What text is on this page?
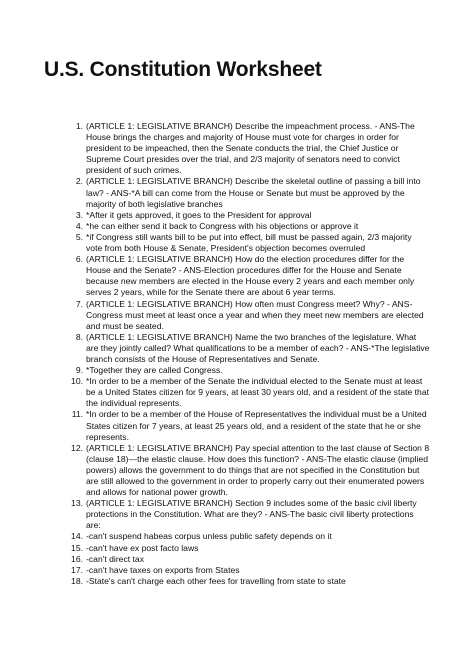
U.S. Constitution Worksheet
1. (ARTICLE 1: LEGISLATIVE BRANCH) Describe the impeachment process. - ANS-The House brings the charges and majority of House must vote for charges in order for president to be impeached, then the Senate conducts the trial, the Chief Justice or Supreme Court presides over the trial, and 2/3 majority of senators need to convict president of such crimes.
2. (ARTICLE 1: LEGISLATIVE BRANCH) Describe the skeletal outline of passing a bill into law? - ANS-*A bill can come from the House or Senate but must be approved by the majority of both legislative branches
3. *After it gets approved, it goes to the President for approval
4. *he can either send it back to Congress with his objections or approve it
5. *if Congress still wants bill to be put into effect, bill must be passed again, 2/3 majority vote from both House & Senate, President's objection becomes overruled
6. (ARTICLE 1: LEGISLATIVE BRANCH) How do the election procedures differ for the House and the Senate? - ANS-Election procedures differ for the House and Senate because new members are elected in the House every 2 years and each member only serves 2 years, while for the Senate there are about 6 year terms.
7. (ARTICLE 1: LEGISLATIVE BRANCH) How often must Congress meet? Why? - ANS-Congress must meet at least once a year and when they meet new members are elected and must be seated.
8. (ARTICLE 1: LEGISLATIVE BRANCH) Name the two branches of the legislature. What are they jointly called? What qualifications to be a member of each? - ANS-*The legislative branch consists of the House of Representatives and Senate.
9. *Together they are called Congress.
10. *In order to be a member of the Senate the individual elected to the Senate must at least be a United States citizen for 9 years, at least 30 years old, and a resident of the state that the individual represents.
11. *In order to be a member of the House of Representatives the individual must be a United States citizen for 7 years, at least 25 years old, and a resident of the state that he or she represents.
12. (ARTICLE 1: LEGISLATIVE BRANCH) Pay special attention to the last clause of Section 8 (clause 18)—the elastic clause. How does this function? - ANS-The elastic clause (implied powers) allows the government to do things that are not specified in the Constitution but are still allowed to the government in order to properly carry out their enumerated powers and allows for national power growth.
13. (ARTICLE 1: LEGISLATIVE BRANCH) Section 9 includes some of the basic civil liberty protections in the Constitution. What are they? - ANS-The basic civil liberty protections are:
14. -can't suspend habeas corpus unless public safety depends on it
15. -can't have ex post facto laws
16. -can't direct tax
17. -can't have taxes on exports from States
18. -State's can't charge each other fees for travelling from state to state
